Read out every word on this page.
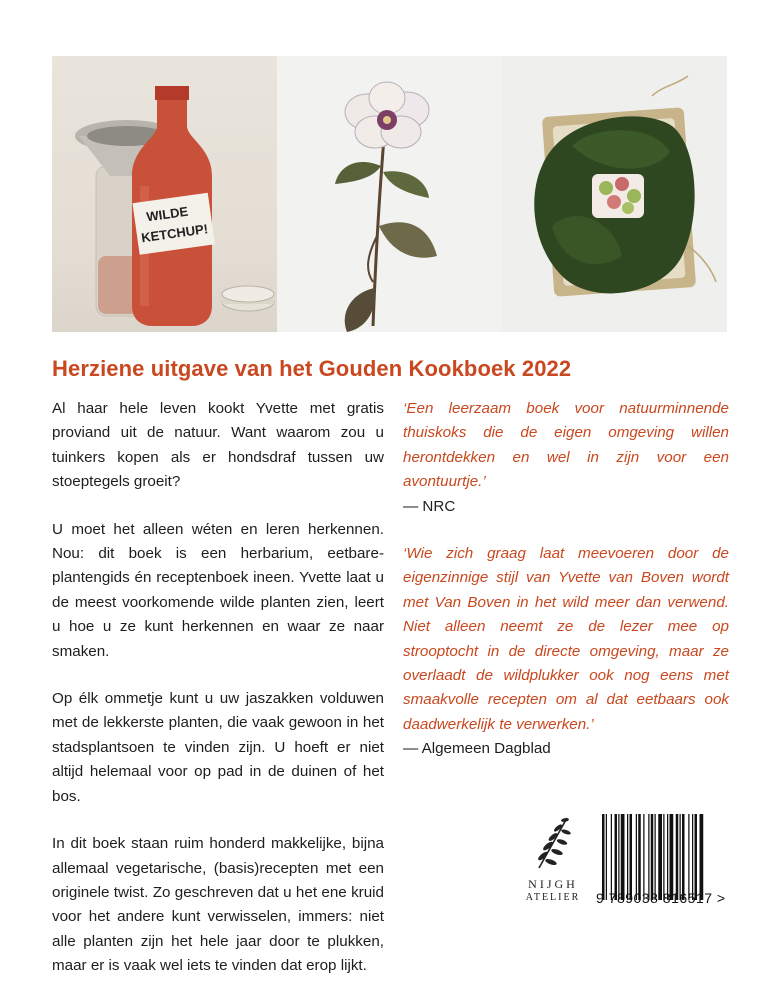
WILDE
KETCHUP!
Herziene uitgave van het Gouden Kookboek 2022

Al haar hele leven kookt Yvette met gratis proviand uit de natuur. Want waarom zou u tuinkers kopen als er hondsdraf tussen uw stoeptegels groeit?

U moet het alleen wéten en leren herkennen. Nou: dit boek is een herbarium, eetbare-plantengids én receptenboek ineen. Yvette laat u de meest voorkomende wilde planten zien, leert u hoe u ze kunt herkennen en waar ze naar smaken.

Op élk ommetje kunt u uw jaszakken volduwen met de lekkerste planten, die vaak gewoon in het stadsplantsoen te vinden zijn. U hoeft er niet altijd helemaal voor op pad in de duinen of het bos.

In dit boek staan ruim honderd makkelijke, bijna allemaal vegetarische, (basis)recepten met een originele twist. Zo geschreven dat u het ene kruid voor het andere kunt verwisselen, immers: niet alle planten zijn het hele jaar door te plukken, maar er is vaak wel iets te vinden dat erop lijkt.

‘Een leerzaam boek voor natuurminnende thuiskoks die de eigen omgeving willen herontdekken en wel in zijn voor een avontuurtje.’

— NRC

‘Wie zich graag laat meevoeren door de eigenzinnige stijl van Yvette van Boven wordt met Van Boven in het wild meer dan verwend. Niet alleen neemt ze de lezer mee op strooptocht in de directe omgeving, maar ze overlaadt de wildplukker ook nog eens met smaakvolle recepten om al dat eetbaars ook daadwerkelijk te verwerken.’

— Algemeen Dagblad

NIJGH
ATELIER	9 789038 816517 >
